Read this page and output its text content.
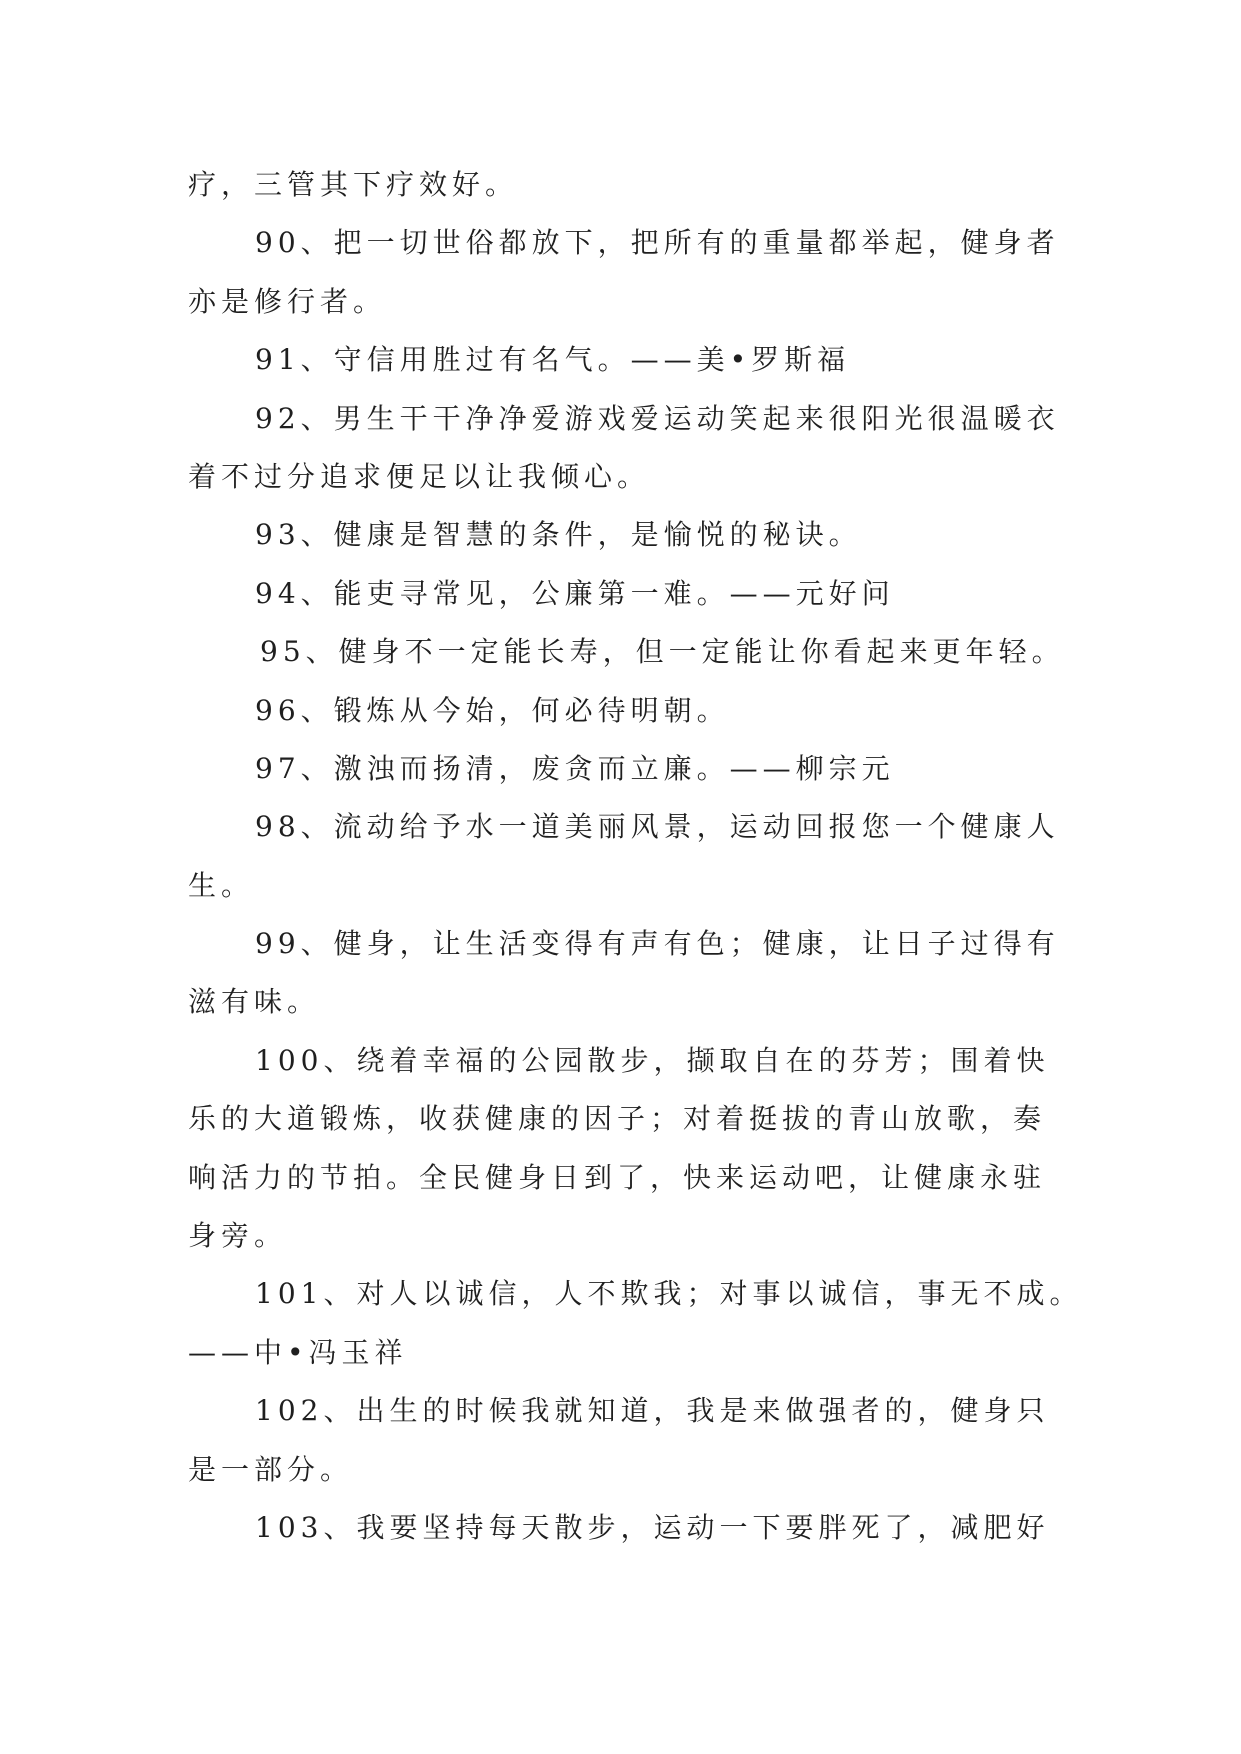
疗，三管其下疗效好。
90、把一切世俗都放下，把所有的重量都举起，健身者
亦是修行者。
91、守信用胜过有名气。——美•罗斯福
92、男生干干净净爱游戏爱运动笑起来很阳光很温暖衣
着不过分追求便足以让我倾心。
93、健康是智慧的条件，是愉悦的秘诀。
94、能吏寻常见，公廉第一难。——元好问
95、健身不一定能长寿，但一定能让你看起来更年轻。
96、锻炼从今始，何必待明朝。
97、激浊而扬清，废贪而立廉。——柳宗元
98、流动给予水一道美丽风景，运动回报您一个健康人
生。
99、健身，让生活变得有声有色；健康，让日子过得有
滋有味。
100、绕着幸福的公园散步，撷取自在的芬芳；围着快
乐的大道锻炼，收获健康的因子；对着挺拔的青山放歌，奏
响活力的节拍。全民健身日到了，快来运动吧，让健康永驻
身旁。
101、对人以诚信，人不欺我；对事以诚信，事无不成。
——中•冯玉祥
102、出生的时候我就知道，我是来做强者的，健身只
是一部分。
103、我要坚持每天散步，运动一下要胖死了，减肥好
